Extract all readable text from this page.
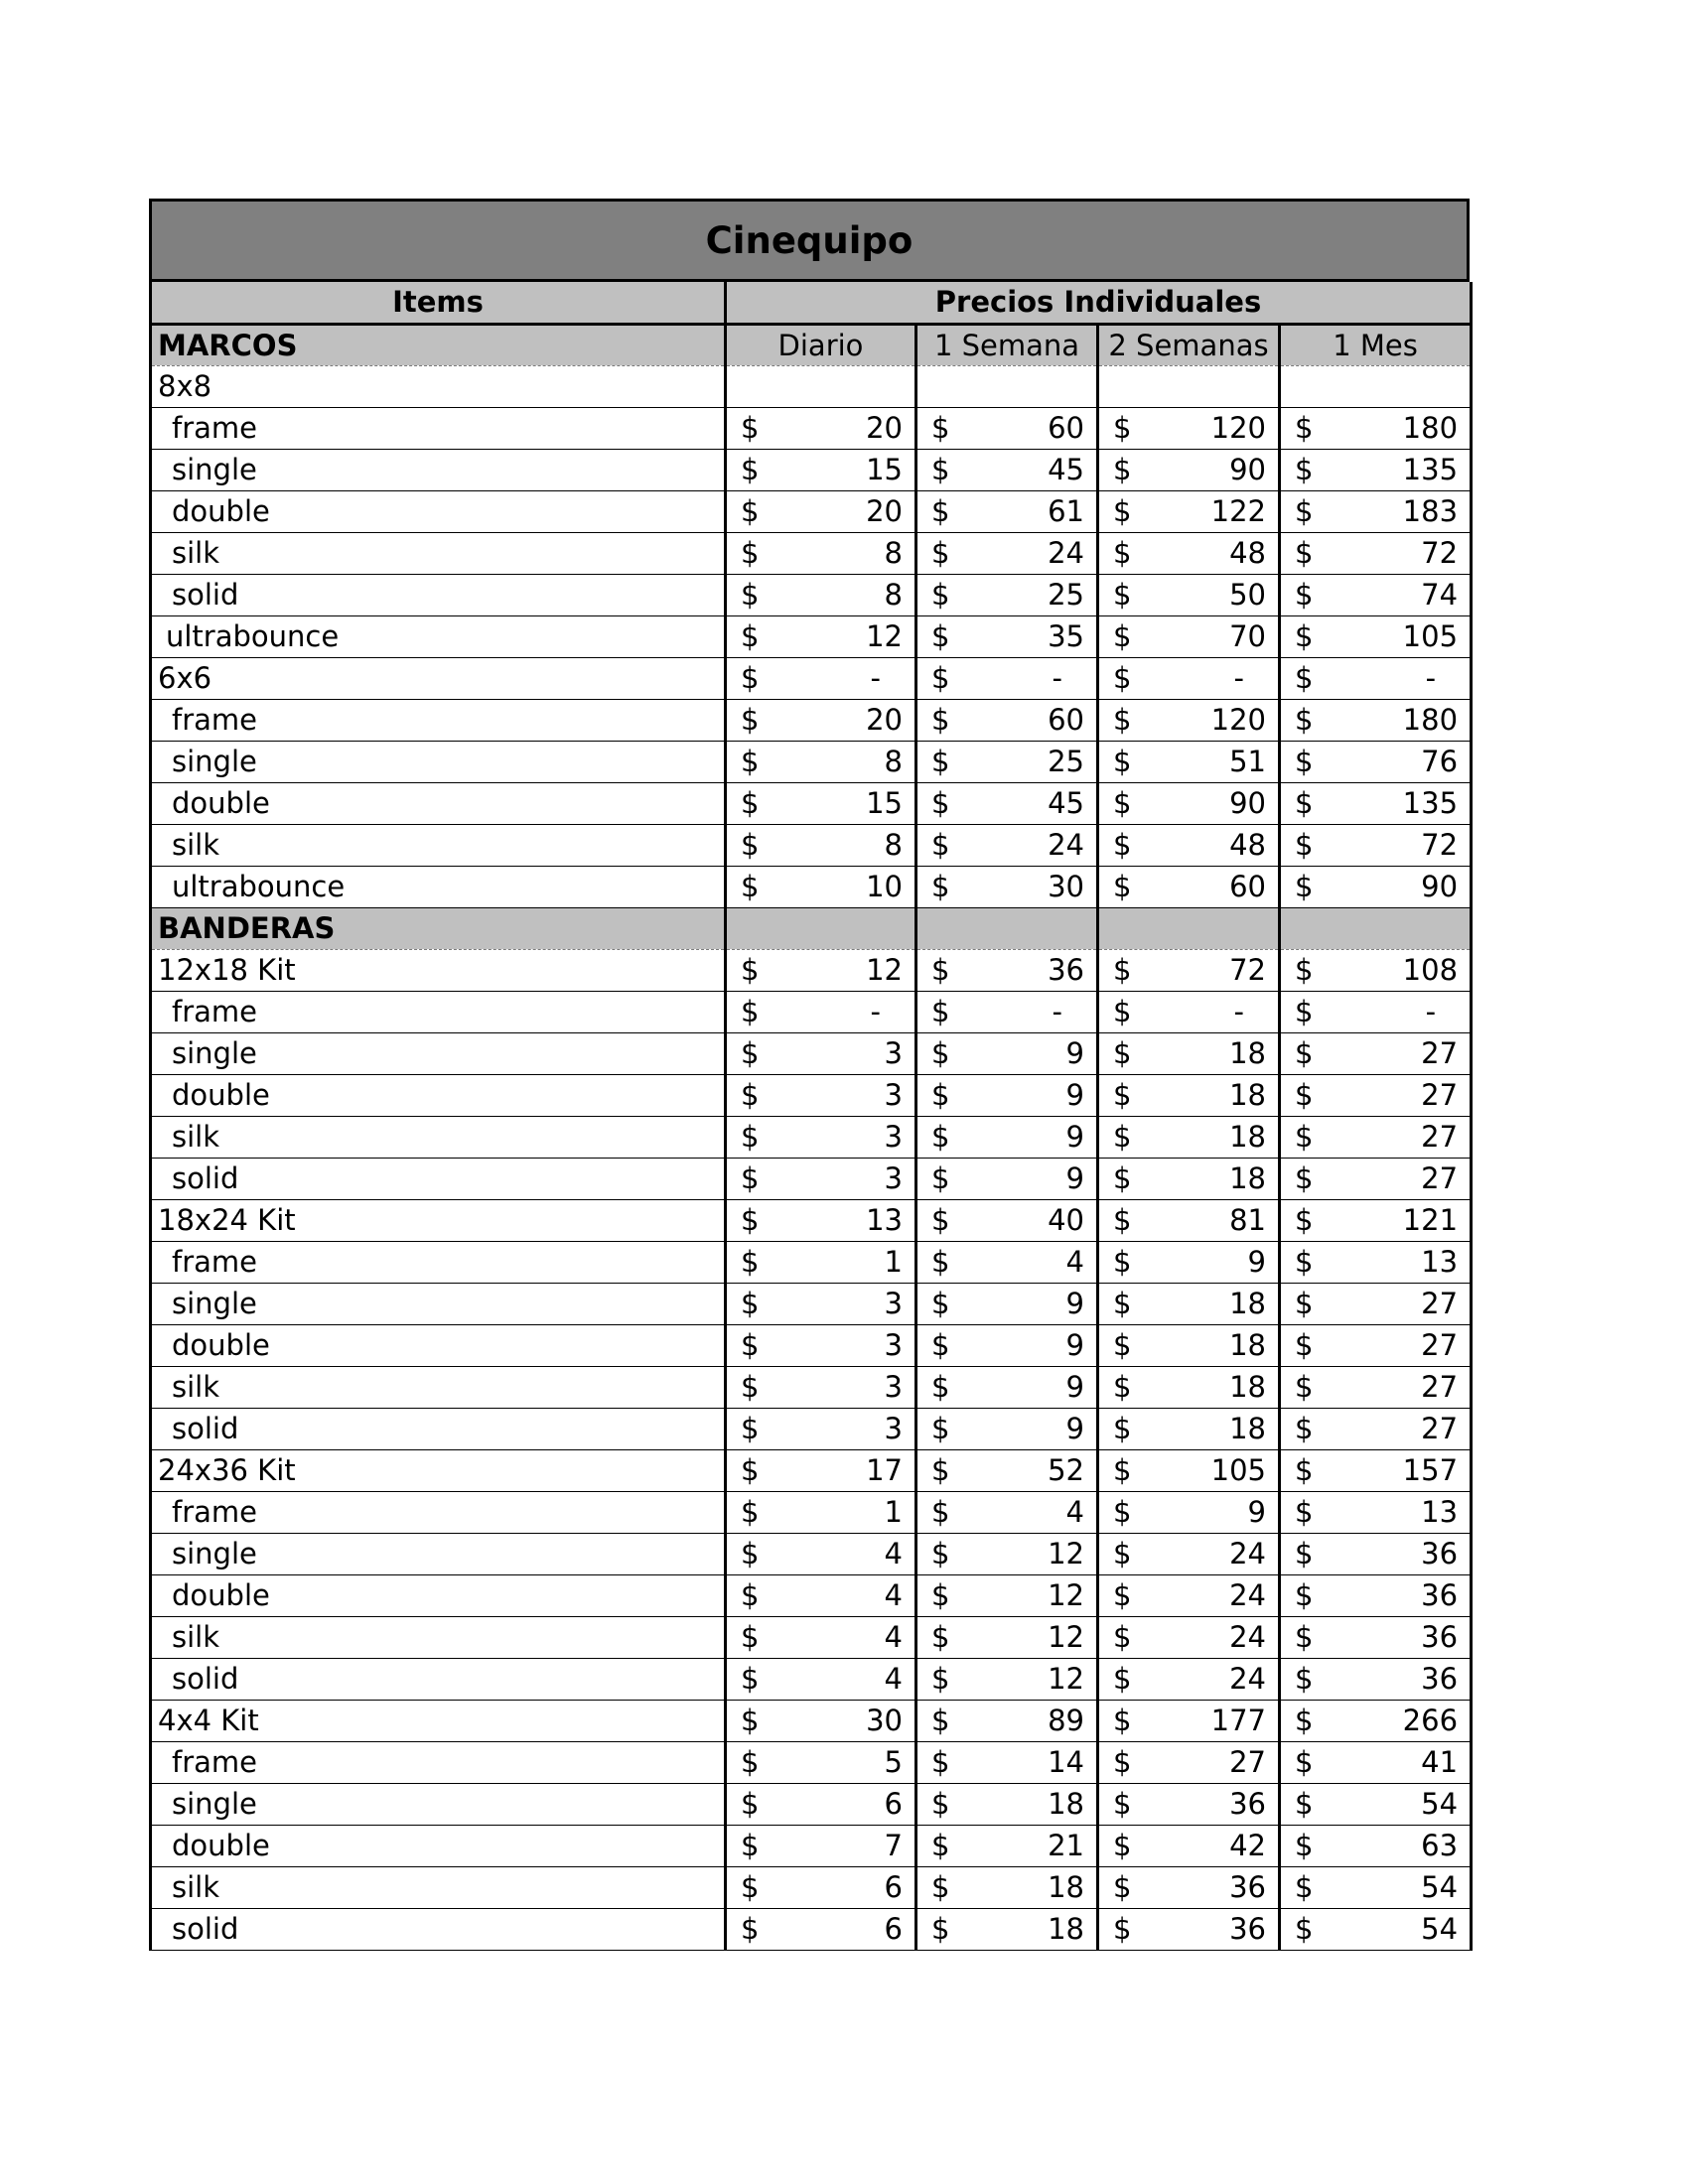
Cinequipo
Items	Precios Individuales			
MARCOS	Diario	1 Semana	2 Semanas	1 Mes
8x8				
frame	$ 20	$ 60	$ 120	$ 180

single	$ 15	$ 45	$ 90	$ 135

double	$ 20	$ 61	$ 122	$ 183

silk	$ 8	$ 24	$ 48	$ 72

solid	$ 8	$ 25	$ 50	$ 74

ultrabounce	$ 12	$ 35	$ 70	$ 105

6x6	$ -	$ -	$ -	$ -

frame	$ 20	$ 60	$ 120	$ 180

single	$ 8	$ 25	$ 51	$ 76

double	$ 15	$ 45	$ 90	$ 135

silk	$ 8	$ 24	$ 48	$ 72

ultrabounce	$ 10	$ 30	$ 60	$ 90

BANDERAS				
12x18 Kit	$ 12	$ 36	$ 72	$ 108

frame	$ -	$ -	$ -	$ -

single	$ 3	$ 9	$ 18	$ 27

double	$ 3	$ 9	$ 18	$ 27

silk	$ 3	$ 9	$ 18	$ 27

solid	$ 3	$ 9	$ 18	$ 27

18x24 Kit	$ 13	$ 40	$ 81	$ 121

frame	$ 1	$ 4	$ 9	$ 13

single	$ 3	$ 9	$ 18	$ 27

double	$ 3	$ 9	$ 18	$ 27

silk	$ 3	$ 9	$ 18	$ 27

solid	$ 3	$ 9	$ 18	$ 27

24x36 Kit	$ 17	$ 52	$ 105	$ 157

frame	$ 1	$ 4	$ 9	$ 13

single	$ 4	$ 12	$ 24	$ 36

double	$ 4	$ 12	$ 24	$ 36

silk	$ 4	$ 12	$ 24	$ 36

solid	$ 4	$ 12	$ 24	$ 36

4x4 Kit	$ 30	$ 89	$ 177	$ 266

frame	$ 5	$ 14	$ 27	$ 41

single	$ 6	$ 18	$ 36	$ 54

double	$ 7	$ 21	$ 42	$ 63

silk	$ 6	$ 18	$ 36	$ 54

solid	$ 6	$ 18	$ 36	$ 54
